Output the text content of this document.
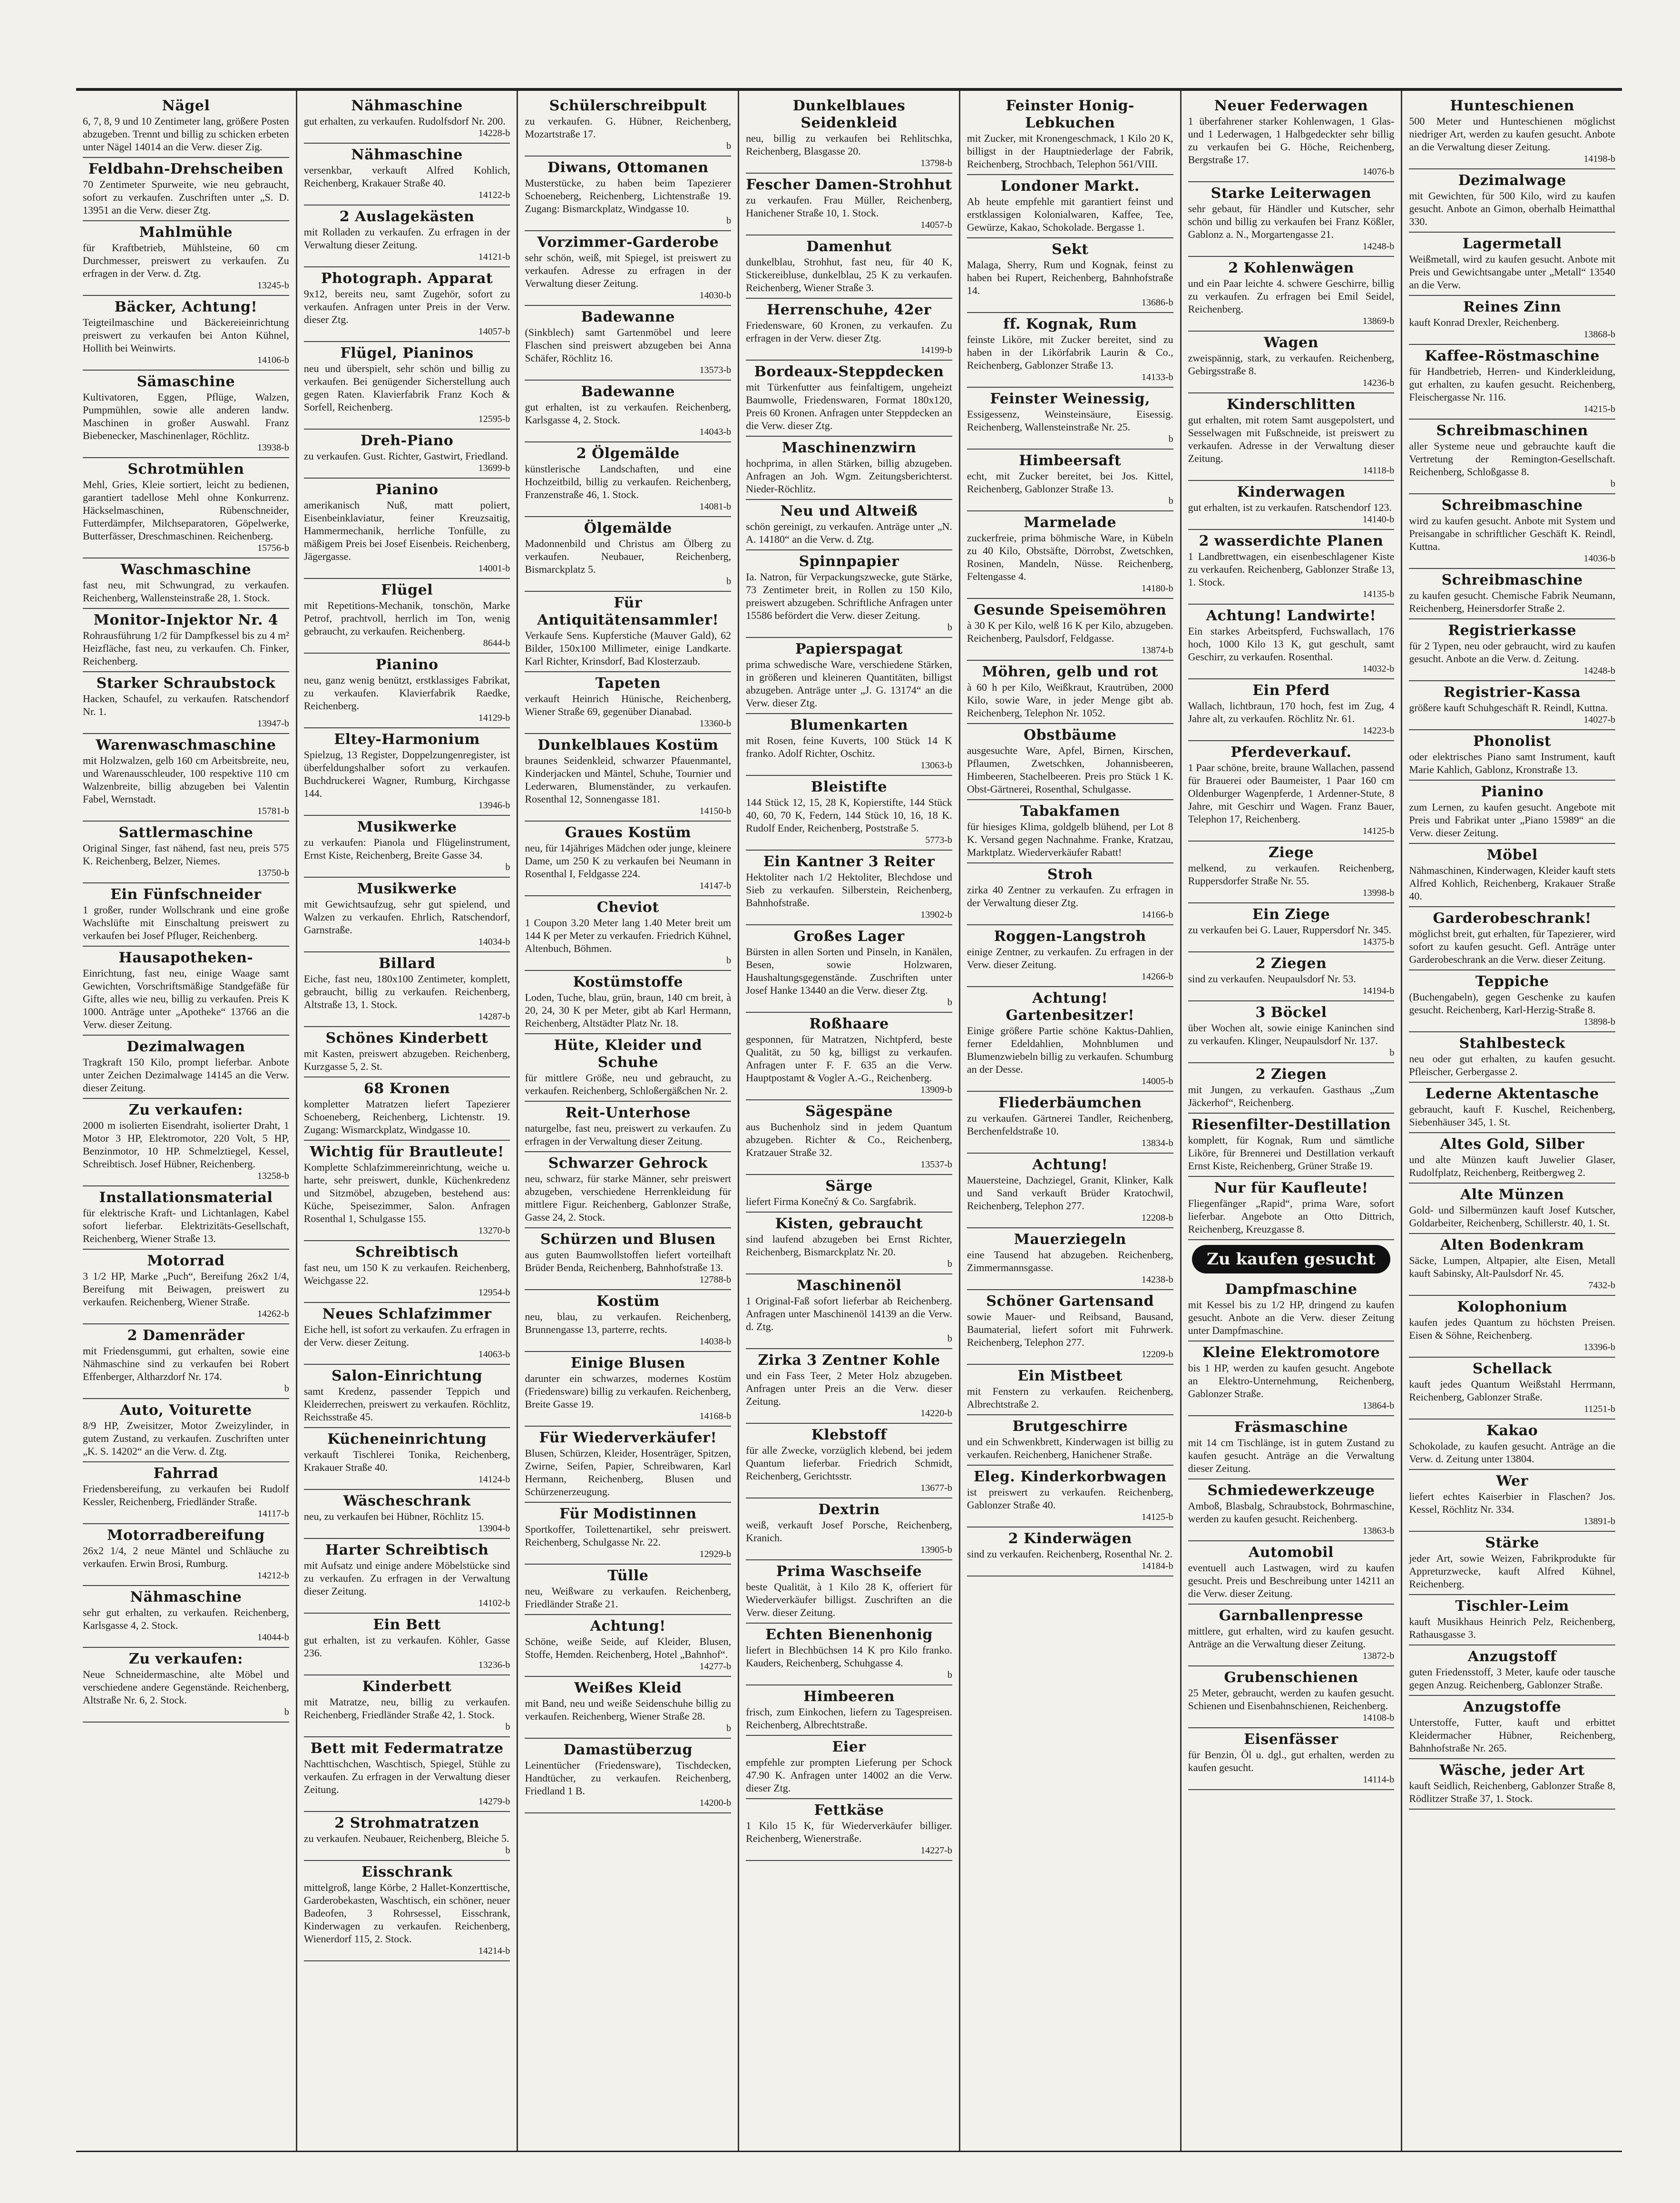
Nägel
6, 7, 8, 9 und 10 Zentimeter lang, größere Posten abzugeben. Trennt und billig zu schicken erbeten unter Nägel 14014 an die Verw. dieser Zig.
Feldbahn-Drehscheiben
70 Zentimeter Spurweite, wie neu gebraucht, sofort zu verkaufen. Zuschriften unter „S. D. 13951 an die Verw. dieser Ztg.
Mahlmühle
für Kraftbetrieb, Mühlsteine, 60 cm Durchmesser, preiswert zu verkaufen. Zu erfragen in der Verw. d. Ztg.
13245-b
Bäcker, Achtung!
Teigteilmaschine und Bäckereieinrichtung preiswert zu verkaufen bei Anton Kühnel, Hollith bei Weinwirts.
14106-b
Sämaschine
Kultivatoren, Eggen, Pflüge, Walzen, Pumpmühlen, sowie alle anderen landw. Maschinen in großer Auswahl. Franz Biebenecker, Maschinenlager, Röchlitz.
13938-b
Schrotmühlen
Mehl, Gries, Kleie sortiert, leicht zu bedienen, garantiert tadellose Mehl ohne Konkurrenz. Häckselmaschinen, Rübenschneider, Futterdämpfer, Milchseparatoren, Göpelwerke, Butterfässer, Dreschmaschinen. Reichenberg.
15756-b
Waschmaschine
fast neu, mit Schwungrad, zu verkaufen. Reichenberg, Wallensteinstraße 28, 1. Stock.
Monitor-Injektor Nr. 4
Rohrausführung 1/2 für Dampfkessel bis zu 4 m² Heizfläche, fast neu, zu verkaufen. Ch. Finker, Reichenberg.
Starker Schraubstock
Hacken, Schaufel, zu verkaufen. Ratschendorf Nr. 1.
13947-b
Warenwaschmaschine
mit Holzwalzen, gelb 160 cm Arbeitsbreite, neu, und Warenausschleuder, 100 respektive 110 cm Walzenbreite, billig abzugeben bei Valentin Fabel, Wernstadt.
15781-b
Sattlermaschine
Original Singer, fast nähend, fast neu, preis 575 K. Reichenberg, Belzer, Niemes.
13750-b
Ein Fünfschneider
1 großer, runder Wollschrank und eine große Wachslüfte mit Einschaltung preiswert zu verkaufen bei Josef Pfluger, Reichenberg.
Hausapotheken-
Einrichtung, fast neu, einige Waage samt Gewichten, Vorschriftsmäßige Standgefäße für Gifte, alles wie neu, billig zu verkaufen. Preis K 1000. Anträge unter „Apotheke“ 13766 an die Verw. dieser Zeitung.
Dezimalwagen
Tragkraft 150 Kilo, prompt lieferbar. Anbote unter Zeichen Dezimalwage 14145 an die Verw. dieser Zeitung.
Zu verkaufen:
2000 m isolierten Eisendraht, isolierter Draht, 1 Motor 3 HP, Elektromotor, 220 Volt, 5 HP, Benzinmotor, 10 HP. Schmelztiegel, Kessel, Schreibtisch. Josef Hübner, Reichenberg.
13258-b
Installationsmaterial
für elektrische Kraft- und Lichtanlagen, Kabel sofort lieferbar. Elektrizitäts-Gesellschaft, Reichenberg, Wiener Straße 13.
Motorrad
3 1/2 HP, Marke „Puch“, Bereifung 26x2 1/4, Bereifung mit Beiwagen, preiswert zu verkaufen. Reichenberg, Wiener Straße.
14262-b
2 Damenräder
mit Friedensgummi, gut erhalten, sowie eine Nähmaschine sind zu verkaufen bei Robert Effenberger, Altharzdorf Nr. 174.
b
Auto, Voiturette
8/9 HP, Zweisitzer, Motor Zweizylinder, in gutem Zustand, zu verkaufen. Zuschriften unter „K. S. 14202“ an die Verw. d. Ztg.
Fahrrad
Friedensbereifung, zu verkaufen bei Rudolf Kessler, Reichenberg, Friedländer Straße.
14117-b
Motorradbereifung
26x2 1/4, 2 neue Mäntel und Schläuche zu verkaufen. Erwin Brosi, Rumburg.
14212-b
Nähmaschine
sehr gut erhalten, zu verkaufen. Reichenberg, Karlsgasse 4, 2. Stock.
14044-b
Zu verkaufen:
Neue Schneidermaschine, alte Möbel und verschiedene andere Gegenstände. Reichenberg, Altstraße Nr. 6, 2. Stock.
b
Nähmaschine
gut erhalten, zu verkaufen. Rudolfsdorf Nr. 200.
14228-b
Nähmaschine
versenkbar, verkauft Alfred Kohlich, Reichenberg, Krakauer Straße 40.
14122-b
2 Auslagekästen
mit Rolladen zu verkaufen. Zu erfragen in der Verwaltung dieser Zeitung.
14121-b
Photograph. Apparat
9x12, bereits neu, samt Zugehör, sofort zu verkaufen. Anfragen unter Preis in der Verw. dieser Ztg.
14057-b
Flügel, Pianinos
neu und überspielt, sehr schön und billig zu verkaufen. Bei genügender Sicherstellung auch gegen Raten. Klavierfabrik Franz Koch & Sorfell, Reichenberg.
12595-b
Dreh-Piano
zu verkaufen. Gust. Richter, Gastwirt, Friedland.
13699-b
Pianino
amerikanisch Nuß, matt poliert, Eisenbeinklaviatur, feiner Kreuzsaitig, Hammermechanik, herrliche Tonfülle, zu mäßigem Preis bei Josef Eisenbeis. Reichenberg, Jägergasse.
14001-b
Flügel
mit Repetitions-Mechanik, tonschön, Marke Petrof, prachtvoll, herrlich im Ton, wenig gebraucht, zu verkaufen. Reichenberg.
8644-b
Pianino
neu, ganz wenig benützt, erstklassiges Fabrikat, zu verkaufen. Klavierfabrik Raedke, Reichenberg.
14129-b
Eltey-Harmonium
Spielzug, 13 Register, Doppelzungenregister, ist überfeldungshalber sofort zu verkaufen. Buchdruckerei Wagner, Rumburg, Kirchgasse 144.
13946-b
Musikwerke
zu verkaufen: Pianola und Flügelinstrument, Ernst Kiste, Reichenberg, Breite Gasse 34.
b
Musikwerke
mit Gewichtsaufzug, sehr gut spielend, und Walzen zu verkaufen. Ehrlich, Ratschendorf, Garnstraße.
14034-b
Billard
Eiche, fast neu, 180x100 Zentimeter, komplett, gebraucht, billig zu verkaufen. Reichenberg, Altstraße 13, 1. Stock.
14287-b
Schönes Kinderbett
mit Kasten, preiswert abzugeben. Reichenberg, Kurzgasse 5, 2. St.
68 Kronen
kompletter Matratzen liefert Tapezierer Schoeneberg, Reichenberg, Lichtenstr. 19. Zugang: Wismarckplatz, Windgasse 10.
Wichtig für Brautleute!
Komplette Schlafzimmereinrichtung, weiche u. harte, sehr preiswert, dunkle, Küchenkredenz und Sitzmöbel, abzugeben, bestehend aus: Küche, Speisezimmer, Salon. Anfragen Rosenthal 1, Schulgasse 155.
13270-b
Schreibtisch
fast neu, um 150 K zu verkaufen. Reichenberg, Weichgasse 22.
12954-b
Neues Schlafzimmer
Eiche hell, ist sofort zu verkaufen. Zu erfragen in der Verw. dieser Zeitung.
14063-b
Salon-Einrichtung
samt Kredenz, passender Teppich und Kleiderrechen, preiswert zu verkaufen. Röchlitz, Reichsstraße 45.
Kücheneinrichtung
verkauft Tischlerei Tonika, Reichenberg, Krakauer Straße 40.
14124-b
Wäscheschrank
neu, zu verkaufen bei Hübner, Röchlitz 15.
13904-b
Harter Schreibtisch
mit Aufsatz und einige andere Möbelstücke sind zu verkaufen. Zu erfragen in der Verwaltung dieser Zeitung.
14102-b
Ein Bett
gut erhalten, ist zu verkaufen. Köhler, Gasse 236.
13236-b
Kinderbett
mit Matratze, neu, billig zu verkaufen. Reichenberg, Friedländer Straße 42, 1. Stock.
b
Bett mit Federmatratze
Nachttischchen, Waschtisch, Spiegel, Stühle zu verkaufen. Zu erfragen in der Verwaltung dieser Zeitung.
14279-b
2 Strohmatratzen
zu verkaufen. Neubauer, Reichenberg, Bleiche 5.
b
Eisschrank
mittelgroß, lange Körbe, 2 Hallet-Konzerttische, Garderobekasten, Waschtisch, ein schöner, neuer Badeofen, 3 Rohrsessel, Eisschrank, Kinderwagen zu verkaufen. Reichenberg, Wienerdorf 115, 2. Stock.
14214-b
Schülerschreibpult
zu verkaufen. G. Hübner, Reichenberg, Mozartstraße 17.
b
Diwans, Ottomanen
Musterstücke, zu haben beim Tapezierer Schoeneberg, Reichenberg, Lichtenstraße 19. Zugang: Bismarckplatz, Windgasse 10.
b
Vorzimmer-Garderobe
sehr schön, weiß, mit Spiegel, ist preiswert zu verkaufen. Adresse zu erfragen in der Verwaltung dieser Zeitung.
14030-b
Badewanne
(Sinkblech) samt Gartenmöbel und leere Flaschen sind preiswert abzugeben bei Anna Schäfer, Röchlitz 16.
13573-b
Badewanne
gut erhalten, ist zu verkaufen. Reichenberg, Karlsgasse 4, 2. Stock.
14043-b
2 Ölgemälde
künstlerische Landschaften, und eine Hochzeitbild, billig zu verkaufen. Reichenberg, Franzenstraße 46, 1. Stock.
14081-b
Ölgemälde
Madonnenbild und Christus am Ölberg zu verkaufen. Neubauer, Reichenberg, Bismarckplatz 5.
b
Für Antiquitätensammler!
Verkaufe Sens. Kupferstiche (Mauver Gald), 62 Bilder, 150x100 Millimeter, einige Landkarte. Karl Richter, Krinsdorf, Bad Klosterzaub.
Tapeten
verkauft Heinrich Hünische, Reichenberg, Wiener Straße 69, gegenüber Dianabad.
13360-b
Dunkelblaues Kostüm
braunes Seidenkleid, schwarzer Pfauenmantel, Kinderjacken und Mäntel, Schuhe, Tournier und Lederwaren, Blumenständer, zu verkaufen. Rosenthal 12, Sonnengasse 181.
14150-b
Graues Kostüm
neu, für 14jähriges Mädchen oder junge, kleinere Dame, um 250 K zu verkaufen bei Neumann in Rosenthal I, Feldgasse 224.
14147-b
Cheviot
1 Coupon 3.20 Meter lang 1.40 Meter breit um 144 K per Meter zu verkaufen. Friedrich Kühnel, Altenbuch, Böhmen.
b
Kostümstoffe
Loden, Tuche, blau, grün, braun, 140 cm breit, à 20, 24, 30 K per Meter, gibt ab Karl Hermann, Reichenberg, Altstädter Platz Nr. 18.
Hüte, Kleider und Schuhe
für mittlere Größe, neu und gebraucht, zu verkaufen. Reichenberg, Schloßergäßchen Nr. 2.
Reit-Unterhose
naturgelbe, fast neu, preiswert zu verkaufen. Zu erfragen in der Verwaltung dieser Zeitung.
Schwarzer Gehrock
neu, schwarz, für starke Männer, sehr preiswert abzugeben, verschiedene Herrenkleidung für mittlere Figur. Reichenberg, Gablonzer Straße, Gasse 24, 2. Stock.
Schürzen und Blusen
aus guten Baumwollstoffen liefert vorteilhaft Brüder Benda, Reichenberg, Bahnhofstraße 13.
12788-b
Kostüm
neu, blau, zu verkaufen. Reichenberg, Brunnengasse 13, parterre, rechts.
14038-b
Einige Blusen
darunter ein schwarzes, modernes Kostüm (Friedensware) billig zu verkaufen. Reichenberg, Breite Gasse 19.
14168-b
Für Wiederverkäufer!
Blusen, Schürzen, Kleider, Hosenträger, Spitzen, Zwirne, Seifen, Papier, Schreibwaren, Karl Hermann, Reichenberg, Blusen und Schürzenerzeugung.
Für Modistinnen
Sportkoffer, Toilettenartikel, sehr preiswert. Reichenberg, Schulgasse Nr. 22.
12929-b
Tülle
neu, Weißware zu verkaufen. Reichenberg, Friedländer Straße 21.
Achtung!
Schöne, weiße Seide, auf Kleider, Blusen, Stoffe, Hemden. Reichenberg, Hotel „Bahnhof“.
14277-b
Weißes Kleid
mit Band, neu und weiße Seidenschuhe billig zu verkaufen. Reichenberg, Wiener Straße 28.
b
Damastüberzug
Leinentücher (Friedensware), Tischdecken, Handtücher, zu verkaufen. Reichenberg, Friedland 1 B.
14200-b
Dunkelblaues Seidenkleid
neu, billig zu verkaufen bei Rehlitschka, Reichenberg, Blasgasse 20.
13798-b
Fescher Damen-Strohhut
zu verkaufen. Frau Müller, Reichenberg, Hanichener Straße 10, 1. Stock.
14057-b
Damenhut
dunkelblau, Strohhut, fast neu, für 40 K, Stickereibluse, dunkelblau, 25 K zu verkaufen. Reichenberg, Wiener Straße 3.
Herrenschuhe, 42er
Friedensware, 60 Kronen, zu verkaufen. Zu erfragen in der Verw. dieser Ztg.
14199-b
Bordeaux-Steppdecken
mit Türkenfutter aus feinfaltigem, ungeheizt Baumwolle, Friedenswaren, Format 180x120, Preis 60 Kronen. Anfragen unter Steppdecken an die Verw. dieser Ztg.
Maschinenzwirn
hochprima, in allen Stärken, billig abzugeben. Anfragen an Joh. Wgm. Zeitungsberichterst. Nieder-Röchlitz.
Neu und Altweiß
schön gereinigt, zu verkaufen. Anträge unter „N. A. 14180“ an die Verw. d. Ztg.
Spinnpapier
Ia. Natron, für Verpackungszwecke, gute Stärke, 73 Zentimeter breit, in Rollen zu 150 Kilo, preiswert abzugeben. Schriftliche Anfragen unter 15586 befördert die Verw. dieser Zeitung.
b
Papierspagat
prima schwedische Ware, verschiedene Stärken, in größeren und kleineren Quantitäten, billigst abzugeben. Anträge unter „J. G. 13174“ an die Verw. dieser Ztg.
Blumenkarten
mit Rosen, feine Kuverts, 100 Stück 14 K franko. Adolf Richter, Oschitz.
13063-b
Bleistifte
144 Stück 12, 15, 28 K, Kopierstifte, 144 Stück 40, 60, 70 K, Federn, 144 Stück 10, 16, 18 K. Rudolf Ender, Reichenberg, Poststraße 5.
5773-b
Ein Kantner 3 Reiter
Hektoliter nach 1/2 Hektoliter, Blechdose und Sieb zu verkaufen. Silberstein, Reichenberg, Bahnhofstraße.
13902-b
Großes Lager
Bürsten in allen Sorten und Pinseln, in Kanälen, Besen, sowie Holzwaren, Haushaltungsgegenstände. Zuschriften unter Josef Hanke 13440 an die Verw. dieser Ztg.
b
Roßhaare
gesponnen, für Matratzen, Nichtpferd, beste Qualität, zu 50 kg, billigst zu verkaufen. Anfragen unter F. F. 635 an die Verw. Hauptpostamt & Vogler A.-G., Reichenberg.
13909-b
Sägespäne
aus Buchenholz sind in jedem Quantum abzugeben. Richter & Co., Reichenberg, Kratzauer Straße 32.
13537-b
Särge
liefert Firma Konečný & Co. Sargfabrik.
Kisten, gebraucht
sind laufend abzugeben bei Ernst Richter, Reichenberg, Bismarckplatz Nr. 20.
b
Maschinenöl
1 Original-Faß sofort lieferbar ab Reichenberg. Anfragen unter Maschinenöl 14139 an die Verw. d. Ztg.
b
Zirka 3 Zentner Kohle
und ein Fass Teer, 2 Meter Holz abzugeben. Anfragen unter Preis an die Verw. dieser Zeitung.
14220-b
Klebstoff
für alle Zwecke, vorzüglich klebend, bei jedem Quantum lieferbar. Friedrich Schmidt, Reichenberg, Gerichtsstr.
13677-b
Dextrin
weiß, verkauft Josef Porsche, Reichenberg, Kranich.
13905-b
Prima Waschseife
beste Qualität, à 1 Kilo 28 K, offeriert für Wiederverkäufer billigst. Zuschriften an die Verw. dieser Zeitung.
Echten Bienenhonig
liefert in Blechbüchsen 14 K pro Kilo franko. Kauders, Reichenberg, Schuhgasse 4.
b
Himbeeren
frisch, zum Einkochen, liefern zu Tagespreisen. Reichenberg, Albrechtstraße.
Eier
empfehle zur prompten Lieferung per Schock 47.90 K. Anfragen unter 14002 an die Verw. dieser Ztg.
Fettkäse
1 Kilo 15 K, für Wiederverkäufer billiger. Reichenberg, Wienerstraße.
14227-b
Feinster Honig-Lebkuchen
mit Zucker, mit Kronengeschmack, 1 Kilo 20 K, billigst in der Hauptniederlage der Fabrik, Reichenberg, Strochbach, Telephon 561/VIII.
Londoner Markt.
Ab heute empfehle mit garantiert feinst und erstklassigen Kolonialwaren, Kaffee, Tee, Gewürze, Kakao, Schokolade. Bergasse 1.
Sekt
Malaga, Sherry, Rum und Kognak, feinst zu haben bei Rupert, Reichenberg, Bahnhofstraße 14.
13686-b
ff. Kognak, Rum
feinste Liköre, mit Zucker bereitet, sind zu haben in der Likörfabrik Laurin & Co., Reichenberg, Gablonzer Straße 13.
14133-b
Feinster Weinessig,
Essigessenz, Weinsteinsäure, Eisessig. Reichenberg, Wallensteinstraße Nr. 25.
b
Himbeersaft
echt, mit Zucker bereitet, bei Jos. Kittel, Reichenberg, Gablonzer Straße 13.
b
Marmelade
zuckerfreie, prima böhmische Ware, in Kübeln zu 40 Kilo, Obstsäfte, Dörrobst, Zwetschken, Rosinen, Mandeln, Nüsse. Reichenberg, Feltengasse 4.
14180-b
Gesunde Speisemöhren
à 30 K per Kilo, welß 16 K per Kilo, abzugeben. Reichenberg, Paulsdorf, Feldgasse.
13874-b
Möhren, gelb und rot
à 60 h per Kilo, Weißkraut, Krautrüben, 2000 Kilo, sowie Ware, in jeder Menge gibt ab. Reichenberg, Telephon Nr. 1052.
Obstbäume
ausgesuchte Ware, Apfel, Birnen, Kirschen, Pflaumen, Zwetschken, Johannisbeeren, Himbeeren, Stachelbeeren. Preis pro Stück 1 K. Obst-Gärtnerei, Rosenthal, Schulgasse.
Tabakfamen
für hiesiges Klima, goldgelb blühend, per Lot 8 K. Versand gegen Nachnahme. Franke, Kratzau, Marktplatz. Wiederverkäufer Rabatt!
Stroh
zirka 40 Zentner zu verkaufen. Zu erfragen in der Verwaltung dieser Ztg.
14166-b
Roggen-Langstroh
einige Zentner, zu verkaufen. Zu erfragen in der Verw. dieser Zeitung.
14266-b
Achtung! Gartenbesitzer!
Einige größere Partie schöne Kaktus-Dahlien, ferner Edeldahlien, Mohnblumen und Blumenzwiebeln billig zu verkaufen. Schumburg an der Desse.
14005-b
Fliederbäumchen
zu verkaufen. Gärtnerei Tandler, Reichenberg, Berchenfeldstraße 10.
13834-b
Achtung!
Mauersteine, Dachziegel, Granit, Klinker, Kalk und Sand verkauft Brüder Kratochwil, Reichenberg, Telephon 277.
12208-b
Mauerziegeln
eine Tausend hat abzugeben. Reichenberg, Zimmermannsgasse.
14238-b
Schöner Gartensand
sowie Mauer- und Reibsand, Bausand, Baumaterial, liefert sofort mit Fuhrwerk. Reichenberg, Telephon 277.
12209-b
Ein Mistbeet
mit Fenstern zu verkaufen. Reichenberg, Albrechtstraße 2.
Brutgeschirre
und ein Schwenkbrett, Kinderwagen ist billig zu verkaufen. Reichenberg, Hanichener Straße.
Eleg. Kinderkorbwagen
ist preiswert zu verkaufen. Reichenberg, Gablonzer Straße 40.
14125-b
2 Kinderwägen
sind zu verkaufen. Reichenberg, Rosenthal Nr. 2.
14184-b
Neuer Federwagen
1 überfahrener starker Kohlenwagen, 1 Glas- und 1 Lederwagen, 1 Halbgedeckter sehr billig zu verkaufen bei G. Höche, Reichenberg, Bergstraße 17.
14076-b
Starke Leiterwagen
sehr gebaut, für Händler und Kutscher, sehr schön und billig zu verkaufen bei Franz Kößler, Gablonz a. N., Morgartengasse 21.
14248-b
2 Kohlenwägen
und ein Paar leichte 4. schwere Geschirre, billig zu verkaufen. Zu erfragen bei Emil Seidel, Reichenberg.
13869-b
Wagen
zweispännig, stark, zu verkaufen. Reichenberg, Gebirgsstraße 8.
14236-b
Kinderschlitten
gut erhalten, mit rotem Samt ausgepolstert, und Sesselwagen mit Fußschneide, ist preiswert zu verkaufen. Adresse in der Verwaltung dieser Zeitung.
14118-b
Kinderwagen
gut erhalten, ist zu verkaufen. Ratschendorf 123.
14140-b
2 wasserdichte Planen
1 Landbrettwagen, ein eisenbeschlagener Kiste zu verkaufen. Reichenberg, Gablonzer Straße 13, 1. Stock.
14135-b
Achtung! Landwirte!
Ein starkes Arbeitspferd, Fuchswallach, 176 hoch, 1000 Kilo 13 K, gut geschult, samt Geschirr, zu verkaufen. Rosenthal.
14032-b
Ein Pferd
Wallach, lichtbraun, 170 hoch, fest im Zug, 4 Jahre alt, zu verkaufen. Röchlitz Nr. 61.
14223-b
Pferdeverkauf.
1 Paar schöne, breite, braune Wallachen, passend für Brauerei oder Baumeister, 1 Paar 160 cm Oldenburger Wagenpferde, 1 Ardenner-Stute, 8 Jahre, mit Geschirr und Wagen. Franz Bauer, Telephon 17, Reichenberg.
14125-b
Ziege
melkend, zu verkaufen. Reichenberg, Ruppersdorfer Straße Nr. 55.
13998-b
Ein Ziege
zu verkaufen bei G. Lauer, Ruppersdorf Nr. 345.
14375-b
2 Ziegen
sind zu verkaufen. Neupaulsdorf Nr. 53.
14194-b
3 Böckel
über Wochen alt, sowie einige Kaninchen sind zu verkaufen. Klinger, Neupaulsdorf Nr. 137.
b
2 Ziegen
mit Jungen, zu verkaufen. Gasthaus „Zum Jäckerhof“, Reichenberg.
Riesenfilter-Destillation
komplett, für Kognak, Rum und sämtliche Liköre, für Brennerei und Destillation verkauft Ernst Kiste, Reichenberg, Grüner Straße 19.
Nur für Kaufleute!
Fliegenfänger „Rapid“, prima Ware, sofort lieferbar. Angebote an Otto Dittrich, Reichenberg, Kreuzgasse 8.
Zu kaufen gesucht
Dampfmaschine
mit Kessel bis zu 1/2 HP, dringend zu kaufen gesucht. Anbote an die Verw. dieser Zeitung unter Dampfmaschine.
Kleine Elektromotore
bis 1 HP, werden zu kaufen gesucht. Angebote an Elektro-Unternehmung, Reichenberg, Gablonzer Straße.
13864-b
Fräsmaschine
mit 14 cm Tischlänge, ist in gutem Zustand zu kaufen gesucht. Anträge an die Verwaltung dieser Zeitung.
Schmiedewerkzeuge
Amboß, Blasbalg, Schraubstock, Bohrmaschine, werden zu kaufen gesucht. Reichenberg.
13863-b
Automobil
eventuell auch Lastwagen, wird zu kaufen gesucht. Preis und Beschreibung unter 14211 an die Verw. dieser Zeitung.
Garnballenpresse
mittlere, gut erhalten, wird zu kaufen gesucht. Anträge an die Verwaltung dieser Zeitung.
13872-b
Grubenschienen
25 Meter, gebraucht, werden zu kaufen gesucht. Schienen und Eisenbahnschienen, Reichenberg.
14108-b
Eisenfässer
für Benzin, Öl u. dgl., gut erhalten, werden zu kaufen gesucht.
14114-b
Hunteschienen
500 Meter und Hunteschienen möglichst niedriger Art, werden zu kaufen gesucht. Anbote an die Verwaltung dieser Zeitung.
14198-b
Dezimalwage
mit Gewichten, für 500 Kilo, wird zu kaufen gesucht. Anbote an Gimon, oberhalb Heimatthal 330.
Lagermetall
Weißmetall, wird zu kaufen gesucht. Anbote mit Preis und Gewichtsangabe unter „Metall“ 13540 an die Verw.
Reines Zinn
kauft Konrad Drexler, Reichenberg.
13868-b
Kaffee-Röstmaschine
für Handbetrieb, Herren- und Kinderkleidung, gut erhalten, zu kaufen gesucht. Reichenberg, Fleischergasse Nr. 116.
14215-b
Schreibmaschinen
aller Systeme neue und gebrauchte kauft die Vertretung der Remington-Gesellschaft. Reichenberg, Schloßgasse 8.
b
Schreibmaschine
wird zu kaufen gesucht. Anbote mit System und Preisangabe in schriftlicher Geschäft K. Reindl, Kuttna.
14036-b
Schreibmaschine
zu kaufen gesucht. Chemische Fabrik Neumann, Reichenberg, Heinersdorfer Straße 2.
Registrierkasse
für 2 Typen, neu oder gebraucht, wird zu kaufen gesucht. Anbote an die Verw. d. Zeitung.
14248-b
Registrier-Kassa
größere kauft Schuhgeschäft R. Reindl, Kuttna.
14027-b
Phonolist
oder elektrisches Piano samt Instrument, kauft Marie Kahlich, Gablonz, Kronstraße 13.
Pianino
zum Lernen, zu kaufen gesucht. Angebote mit Preis und Fabrikat unter „Piano 15989“ an die Verw. dieser Zeitung.
Möbel
Nähmaschinen, Kinderwagen, Kleider kauft stets Alfred Kohlich, Reichenberg, Krakauer Straße 40.
Garderobeschrank!
möglichst breit, gut erhalten, für Tapezierer, wird sofort zu kaufen gesucht. Gefl. Anträge unter Garderobeschrank an die Verw. dieser Zeitung.
Teppiche
(Buchengabeln), gegen Geschenke zu kaufen gesucht. Reichenberg, Karl-Herzig-Straße 8.
13898-b
Stahlbesteck
neu oder gut erhalten, zu kaufen gesucht. Pfleischer, Gerbergasse 2.
Lederne Aktentasche
gebraucht, kauft F. Kuschel, Reichenberg, Siebenhäuser 345, 1. St.
Altes Gold, Silber
und alte Münzen kauft Juwelier Glaser, Rudolfplatz, Reichenberg, Reitbergweg 2.
Alte Münzen
Gold- und Silbermünzen kauft Josef Kutscher, Goldarbeiter, Reichenberg, Schillerstr. 40, 1. St.
Alten Bodenkram
Säcke, Lumpen, Altpapier, alte Eisen, Metall kauft Sabinsky, Alt-Paulsdorf Nr. 45.
7432-b
Kolophonium
kaufen jedes Quantum zu höchsten Preisen. Eisen & Söhne, Reichenberg.
13396-b
Schellack
kauft jedes Quantum Weißstahl Herrmann, Reichenberg, Gablonzer Straße.
11251-b
Kakao
Schokolade, zu kaufen gesucht. Anträge an die Verw. d. Zeitung unter 13804.
Wer
liefert echtes Kaiserbier in Flaschen? Jos. Kessel, Röchlitz Nr. 334.
13891-b
Stärke
jeder Art, sowie Weizen, Fabrikprodukte für Appreturzwecke, kauft Alfred Kühnel, Reichenberg.
Tischler-Leim
kauft Musikhaus Heinrich Pelz, Reichenberg, Rathausgasse 3.
Anzugstoff
guten Friedensstoff, 3 Meter, kaufe oder tausche gegen Anzug. Reichenberg, Gablonzer Straße.
Anzugstoffe
Unterstoffe, Futter, kauft und erbittet Kleidermacher Hübner, Reichenberg, Bahnhofstraße Nr. 265.
Wäsche, jeder Art
kauft Seidlich, Reichenberg, Gablonzer Straße 8, Rödlitzer Straße 37, 1. Stock.
